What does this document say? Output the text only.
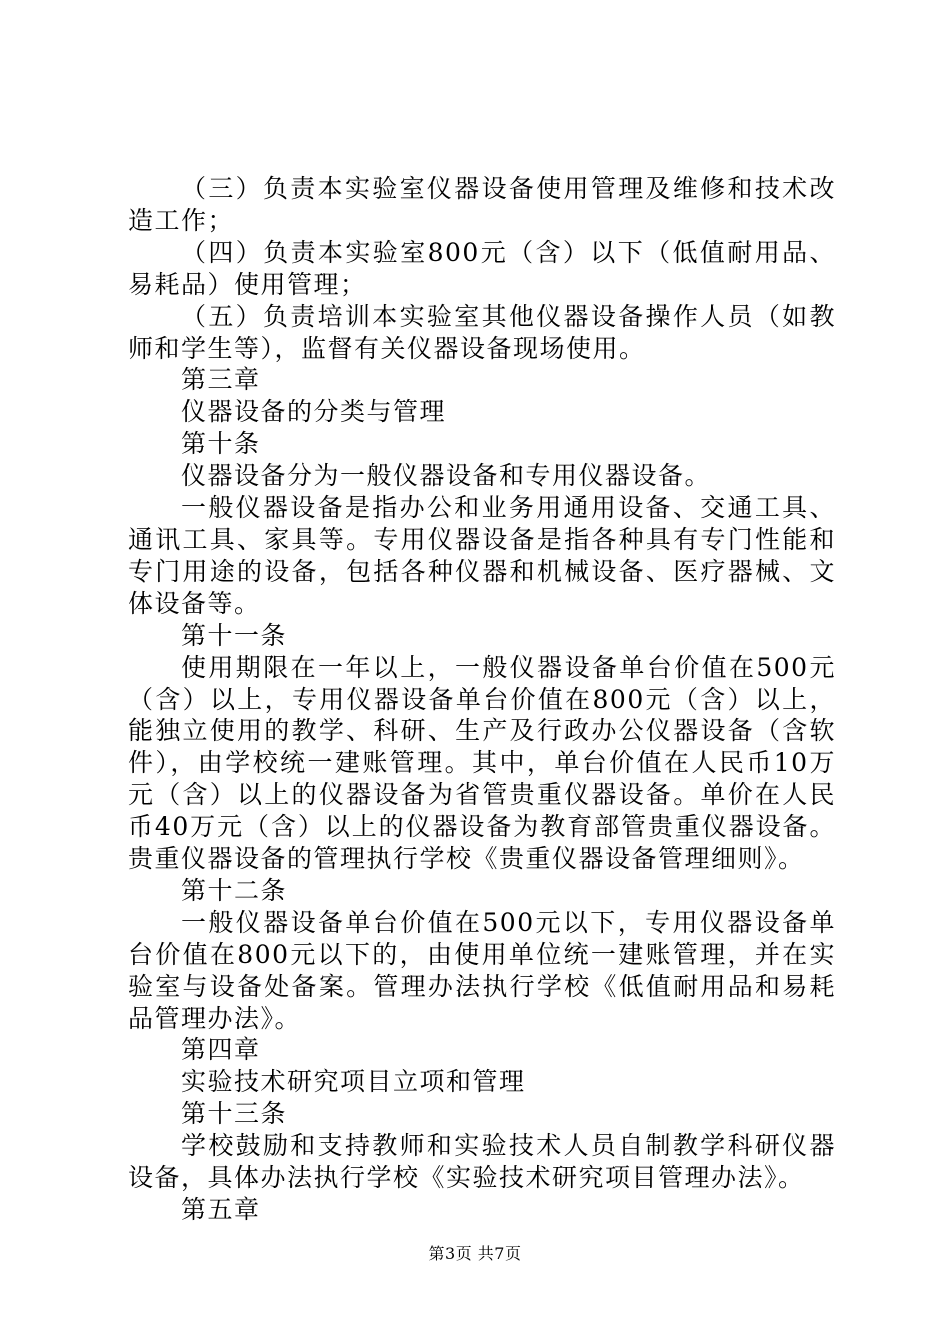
（三）负责本实验室仪器设备使用管理及维修和技术改造工作；

（四）负责本实验室800元（含）以下（低值耐用品、易耗品）使用管理；

（五）负责培训本实验室其他仪器设备操作人员（如教师和学生等），监督有关仪器设备现场使用。

第三章

仪器设备的分类与管理

第十条

仪器设备分为一般仪器设备和专用仪器设备。

一般仪器设备是指办公和业务用通用设备、交通工具、通讯工具、家具等。专用仪器设备是指各种具有专门性能和专门用途的设备，包括各种仪器和机械设备、医疗器械、文体设备等。

第十一条

使用期限在一年以上，一般仪器设备单台价值在500元（含）以上，专用仪器设备单台价值在800元（含）以上，能独立使用的教学、科研、生产及行政办公仪器设备（含软件），由学校统一建账管理。其中，单台价值在人民币10万元（含）以上的仪器设备为省管贵重仪器设备。单价在人民币40万元（含）以上的仪器设备为教育部管贵重仪器设备。贵重仪器设备的管理执行学校《贵重仪器设备管理细则》。

第十二条

一般仪器设备单台价值在500元以下，专用仪器设备单台价值在800元以下的，由使用单位统一建账管理，并在实验室与设备处备案。管理办法执行学校《低值耐用品和易耗品管理办法》。

第四章

实验技术研究项目立项和管理

第十三条

学校鼓励和支持教师和实验技术人员自制教学科研仪器设备，具体办法执行学校《实验技术研究项目管理办法》。

第五章

第3页 共7页
